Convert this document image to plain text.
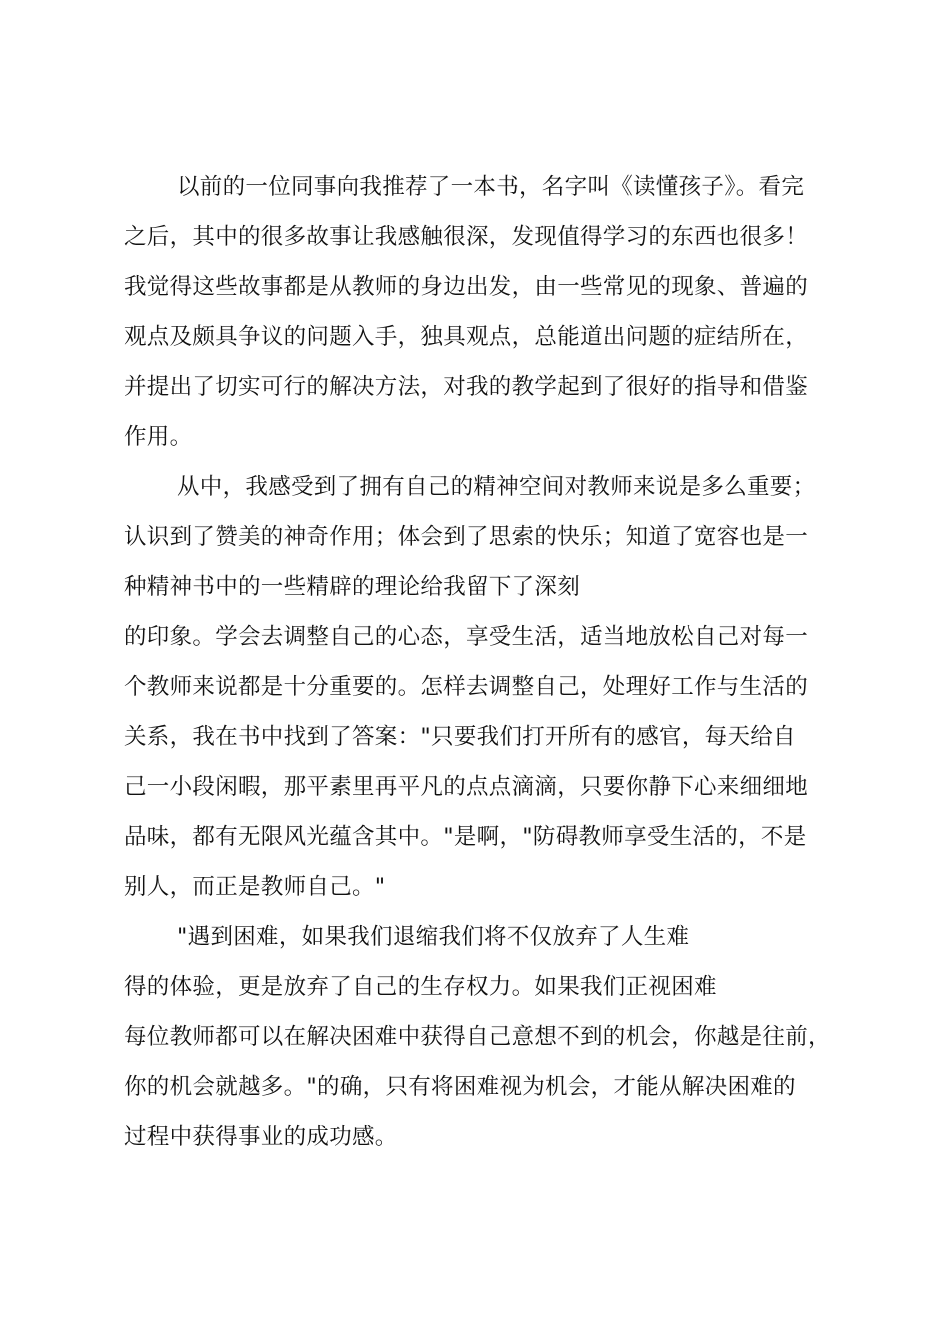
以前的一位同事向我推荐了一本书，名字叫《读懂孩子》。看完
之后，其中的很多故事让我感触很深，发现值得学习的东西也很多！
我觉得这些故事都是从教师的身边出发，由一些常见的现象、普遍的
观点及颇具争议的问题入手，独具观点，总能道出问题的症结所在，
并提出了切实可行的解决方法，对我的教学起到了很好的指导和借鉴
作用。
从中，我感受到了拥有自己的精神空间对教师来说是多么重要；
认识到了赞美的神奇作用；体会到了思索的快乐；知道了宽容也是一
种精神书中的一些精辟的理论给我留下了深刻
的印象。学会去调整自己的心态，享受生活，适当地放松自己对每一
个教师来说都是十分重要的。怎样去调整自己，处理好工作与生活的
关系，我在书中找到了答案："只要我们打开所有的感官，每天给自
己一小段闲暇，那平素里再平凡的点点滴滴，只要你静下心来细细地
品味，都有无限风光蕴含其中。"是啊，"防碍教师享受生活的，不是
别人，而正是教师自己。"
"遇到困难，如果我们退缩我们将不仅放弃了人生难
得的体验，更是放弃了自己的生存权力。如果我们正视困难
每位教师都可以在解决困难中获得自己意想不到的机会，你越是往前，
你的机会就越多。"的确，只有将困难视为机会，才能从解决困难的
过程中获得事业的成功感。
